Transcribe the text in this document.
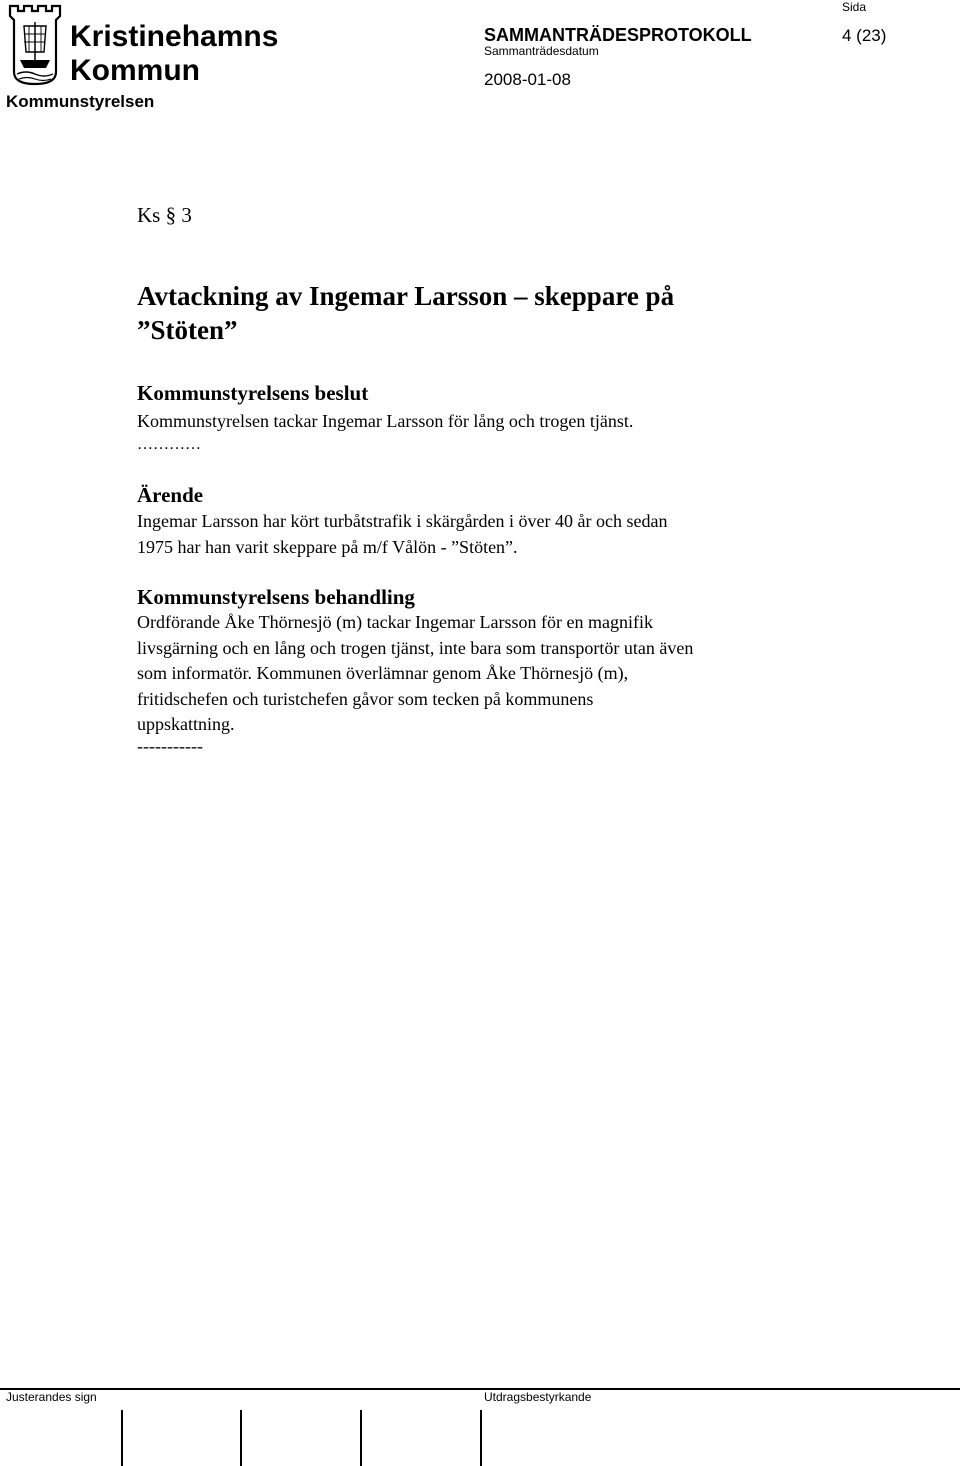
Kristinehamns
Kommun
Kommunstyrelsen
SAMMANTRÄDESPROTOKOLL
Sammanträdesdatum
2008-01-08
Sida
4 (23)
Ks § 3
Avtackning av Ingemar Larsson – skeppare på
”Stöten”
Kommunstyrelsens beslut
Kommunstyrelsen tackar Ingemar Larsson för lång och trogen tjänst.
…………
Ärende
Ingemar Larsson har kört turbåtstrafik i skärgården i över 40 år och sedan
1975 har han varit skeppare på m/f Vålön - ”Stöten”.
Kommunstyrelsens behandling
Ordförande Åke Thörnesjö (m) tackar Ingemar Larsson för en magnifik
livsgärning och en lång och trogen tjänst, inte bara som transportör utan även
som informatör. Kommunen överlämnar genom Åke Thörnesjö (m),
fritidschefen och turistchefen gåvor som tecken på kommunens
uppskattning.
-----------
Justerandes sign	Utdragsbestyrkande
